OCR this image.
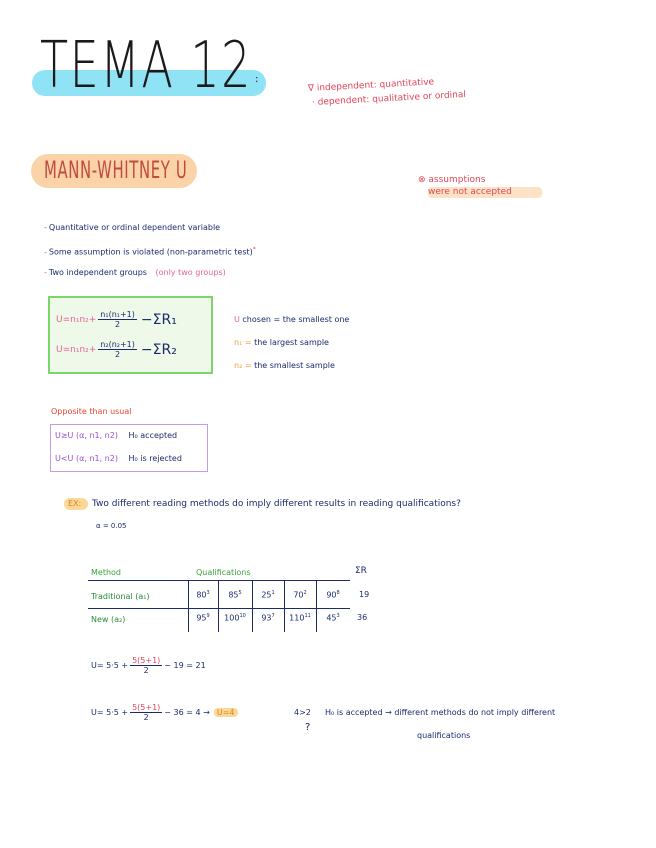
TEMA 12 :	∇ independent: quantitative
· dependent: qualitative or ordinal
MANN-WHITNEY U	⊗ assumptions
were not accepted
- Quantitative or ordinal dependent variable
- Some assumption is violated (non-parametric test)*
- Two independent groups (only two groups)
$U=n_1n_2+ \frac{\text{n₁(n₁+1)}}{2} -\Sigma R_1$
$U=n_1n_2+ \frac{\text{n₂(n₂+1)}}{2} -\Sigma R_2$
U chosen = the smallest one
n₁ = the largest sample
n₂ = the smallest sample
Opposite than usual
U≥U (α, n1, n2) H₀ accepted
U<U (α, n1, n2) H₀ is rejected
EX: Two different reading methods do imply different results in reading qualifications?
α = 0.05
Method	Qualifications	ΣR
Traditional (a₁)	$80^3$	$85^5$	$25^1$	$70^2$	$90^8$	19
New (a₂)	$95^9$	$100^{10}$	$93^7$	$110^{11}$	$45^3$	36
$U= 5\cdot 5 + \frac{5(5+1)}{2} - 19 = 21$
$U= 5\cdot 5 + \frac{5(5+1)}{2} - 36 = 4 \to U=4$	4>2
?
H₀ is accepted → different methods do not imply different
qualifications
